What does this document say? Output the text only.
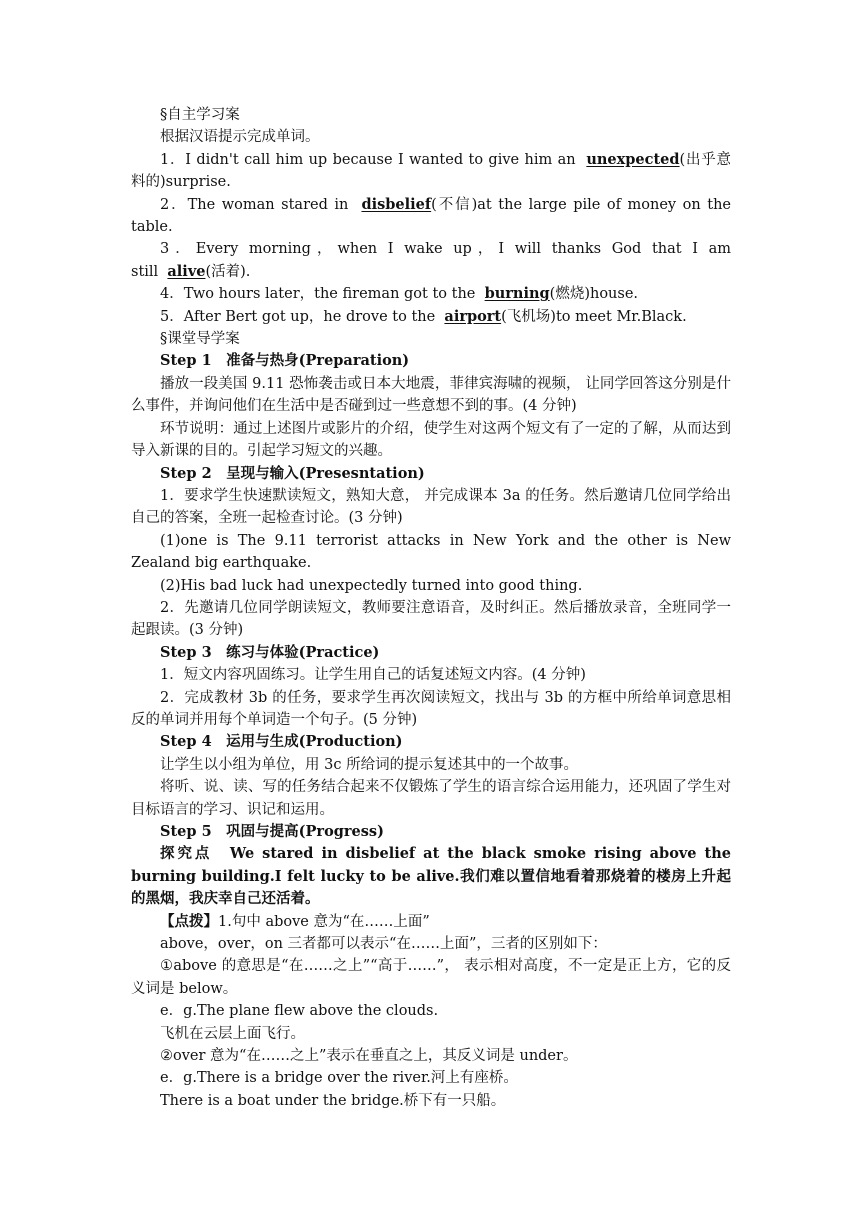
§自主学习案

根据汉语提示完成单词。

1．I didn't call him up because I wanted to give him an unexpected(出乎意料的)surprise.

2．The woman stared in disbelief(不信)at the large pile of money on the table.

3．Every morning，when I wake up，I will thanks God that I am still alive(活着).

4．Two hours later，the fireman got to the burning(燃烧)house.

5．After Bert got up，he drove to the airport(飞机场)to meet Mr.Black.

§课堂导学案

Step 1　准备与热身(Preparation)

播放一段美国 9.11 恐怖袭击或日本大地震，菲律宾海啸的视频， 让同学回答这分别是什么事件，并询问他们在生活中是否碰到过一些意想不到的事。(4 分钟)

环节说明：通过上述图片或影片的介绍，使学生对这两个短文有了一定的了解，从而达到导入新课的目的。引起学习短文的兴趣。

Step 2　呈现与输入(Presesntation)

1．要求学生快速默读短文，熟知大意， 并完成课本 3a 的任务。然后邀请几位同学给出自己的答案，全班一起检查讨论。(3 分钟)

(1)one is The 9.11 terrorist attacks in New York and the other is New Zealand big earthquake.

(2)His bad luck had unexpectedly turned into good thing.

2．先邀请几位同学朗读短文，教师要注意语音，及时纠正。然后播放录音，全班同学一起跟读。(3 分钟)

Step 3　练习与体验(Practice)

1．短文内容巩固练习。让学生用自己的话复述短文内容。(4 分钟)

2．完成教材 3b 的任务，要求学生再次阅读短文，找出与 3b 的方框中所给单词意思相反的单词并用每个单词造一个句子。(5 分钟)

Step 4　运用与生成(Production)

让学生以小组为单位，用 3c 所给词的提示复述其中的一个故事。

将听、说、读、写的任务结合起来不仅锻炼了学生的语言综合运用能力，还巩固了学生对目标语言的学习、识记和运用。

Step 5　巩固与提高(Progress)

探究点　We stared in disbelief at the black smoke rising above the burning building.I felt lucky to be alive.我们难以置信地看着那烧着的楼房上升起的黑烟，我庆幸自己还活着。

【点拨】1.句中 above 意为“在……上面”

above，over，on 三者都可以表示“在……上面”，三者的区别如下：

①above 的意思是“在……之上”“高于……”， 表示相对高度，不一定是正上方，它的反义词是 below。

e．g.The plane flew above the clouds.

飞机在云层上面飞行。

②over 意为“在……之上”表示在垂直之上，其反义词是 under。

e．g.There is a bridge over the river.河上有座桥。

There is a boat under the bridge.桥下有一只船。
